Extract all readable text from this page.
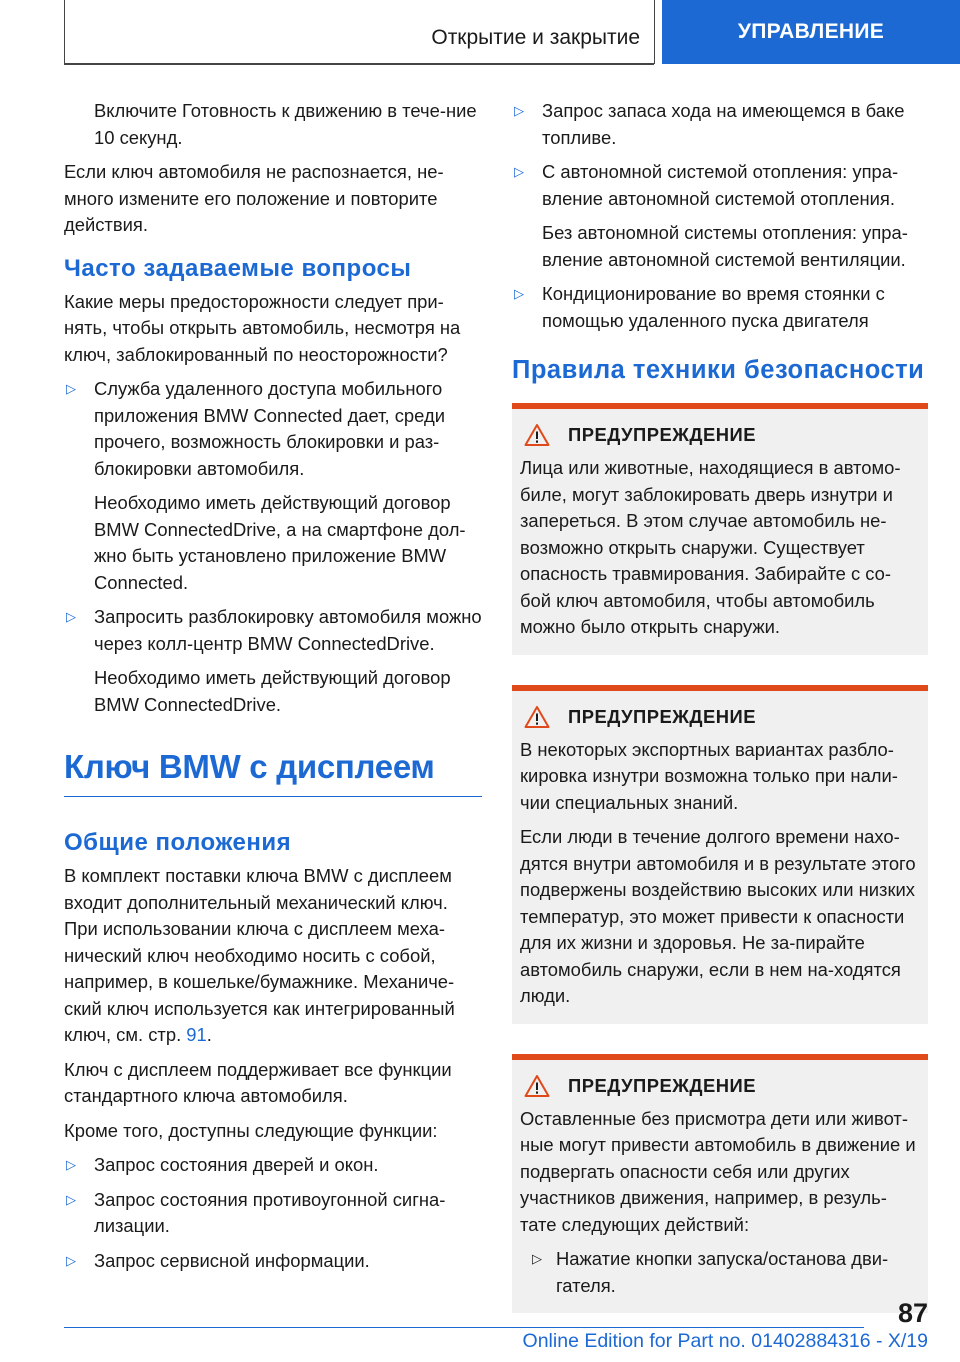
Открытие и закрытие	УПРАВЛЕНИЕ

Включите Готовность к движению в тече-ние 10 секунд.

Если ключ автомобиля не распознается, не-много измените его положение и повторите действия.

Часто задаваемые вопросы

Какие меры предосторожности следует при-нять, чтобы открыть автомобиль, несмотря на ключ, заблокированный по неосторожности?

▷ Служба удаленного доступа мобильного приложения BMW Connected дает, среди прочего, возможность блокировки и раз-блокировки автомобиля.
Необходимо иметь действующий договор BMW ConnectedDrive, а на смартфоне дол-жно быть установлено приложение BMW Connected.
▷ Запросить разблокировку автомобиля можно через колл-центр BMW ConnectedDrive.
Необходимо иметь действующий договор BMW ConnectedDrive.
Ключ BMW с дисплеем
Общие положения

В комплект поставки ключа BMW с дисплеем входит дополнительный механический ключ. При использовании ключа с дисплеем меха-нический ключ необходимо носить с собой, например, в кошельке/бумажнике. Механиче-ский ключ используется как интегрированный ключ, см. стр. 91.

Ключ с дисплеем поддерживает все функции стандартного ключа автомобиля.

Кроме того, доступны следующие функции:

▷ Запрос состояния дверей и окон.
▷ Запрос состояния противоугонной сигна-лизации.
▷ Запрос сервисной информации.
▷ Запрос запаса хода на имеющемся в баке топливе.
▷ С автономной системой отопления: упра-вление автономной системой отопления.
Без автономной системы отопления: упра-вление автономной системой вентиляции.
▷ Кондиционирование во время стоянки с помощью удаленного пуска двигателя
Правила техники безопасности
ПРЕДУПРЕЖДЕНИЕ

Лица или животные, находящиеся в автомо-биле, могут заблокировать дверь изнутри и запереться. В этом случае автомобиль не-возможно открыть снаружи. Существует опасность травмирования. Забирайте с со-бой ключ автомобиля, чтобы автомобиль можно было открыть снаружи.

ПРЕДУПРЕЖДЕНИЕ

В некоторых экспортных вариантах разбло-кировка изнутри возможна только при нали-чии специальных знаний.

Если люди в течение долгого времени нахо-дятся внутри автомобиля и в результате этого подвержены воздействию высоких или низких температур, это может привести к опасности для их жизни и здоровья. Не за-пирайте автомобиль снаружи, если в нем на-ходятся люди.

ПРЕДУПРЕЖДЕНИЕ

Оставленные без присмотра дети или живот-ные могут привести автомобиль в движение и подвергать опасности себя или других участников движения, например, в резуль-тате следующих действий:

▷ Нажатие кнопки запуска/останова дви-гателя.
87
Online Edition for Part no. 01402884316 - X/19
